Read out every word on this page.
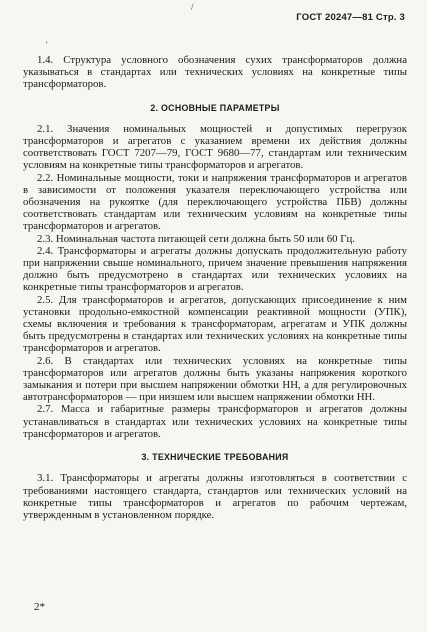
/
'
ГОСТ 20247—81 Стр. 3

1.4. Структура условного обозначения сухих трансформаторов должна указываться в стандартах или технических условиях на конкретные типы трансформаторов.

2. ОСНОВНЫЕ ПАРАМЕТРЫ

2.1. Значения номинальных мощностей и допустимых перегрузок трансформаторов и агрегатов с указанием времени их действия должны соответствовать ГОСТ 7207—79, ГОСТ 9680—77, стандартам или техническим условиям на конкретные типы трансформаторов и агрегатов.

2.2. Номинальные мощности, токи и напряжения трансформаторов и агрегатов в зависимости от положения указателя переключающего устройства или обозначения на рукоятке (для переключающего устройства ПБВ) должны соответствовать стандартам или техническим условиям на конкретные типы трансформаторов и агрегатов.

2.3. Номинальная частота питающей сети должна быть 50 или 60 Гц.

2.4. Трансформаторы и агрегаты должны допускать продолжительную работу при напряжении свыше номинального, причем значение превышения напряжения должно быть предусмотрено в стандартах или технических условиях на конкретные типы трансформаторов и агрегатов.

2.5. Для трансформаторов и агрегатов, допускающих присоединение к ним установки продольно-емкостной компенсации реактивной мощности (УПК), схемы включения и требования к трансформаторам, агрегатам и УПК должны быть предусмотрены в стандартах или технических условиях на конкретные типы трансформаторов и агрегатов.

2.6. В стандартах или технических условиях на конкретные типы трансформаторов или агрегатов должны быть указаны напряжения короткого замыкания и потери при высшем напряжении обмотки НН, а для регулировочных автотрансформаторов — при низшем или высшем напряжении обмотки НН.

2.7. Масса и габаритные размеры трансформаторов и агрегатов должны устанавливаться в стандартах или технических условиях на конкретные типы трансформаторов и агрегатов.

3. ТЕХНИЧЕСКИЕ ТРЕБОВАНИЯ

3.1. Трансформаторы и агрегаты должны изготовляться в соответствии с требованиями настоящего стандарта, стандартов или технических условий на конкретные типы трансформаторов и агрегатов по рабочим чертежам, утвержденным в установленном порядке.

2*
